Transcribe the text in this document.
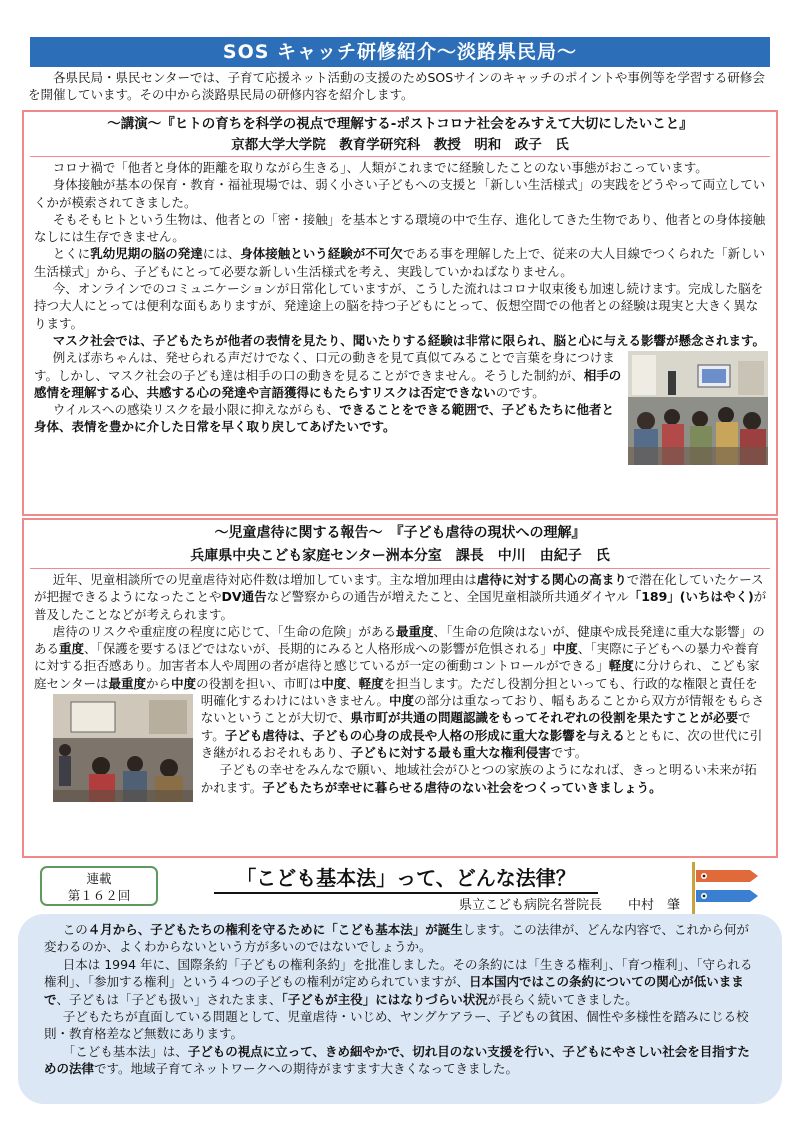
SOS キャッチ研修紹介～淡路県民局～
各県民局・県民センターでは、子育て応援ネット活動の支援のためSOSサインのキャッチのポイントや事例等を学習する研修会を開催しています。その中から淡路県民局の研修内容を紹介します。
～講演～『ヒトの育ちを科学の視点で理解する‐ポストコロナ社会をみすえて大切にしたいこと』
京都大学大学院　教育学研究科　教授　明和　政子　氏

コロナ禍で「他者と身体的距離を取りながら生きる」、人類がこれまでに経験したことのない事態がおこっています。

身体接触が基本の保育・教育・福祉現場では、弱く小さい子どもへの支援と「新しい生活様式」の実践をどうやって両立していくかが模索されてきました。

そもそもヒトという生物は、他者との「密・接触」を基本とする環境の中で生存、進化してきた生物であり、他者との身体接触なしには生存できません。

とくに乳幼児期の脳の発達には、身体接触という経験が不可欠である事を理解した上で、従来の大人目線でつくられた「新しい生活様式」から、子どもにとって必要な新しい生活様式を考え、実践していかねばなりません。

今、オンラインでのコミュニケーションが日常化していますが、こうした流れはコロナ収束後も加速し続けます。完成した脳を持つ大人にとっては便利な面もありますが、発達途上の脳を持つ子どもにとって、仮想空間での他者との経験は現実と大きく異なります。

マスク社会では、子どもたちが他者の表情を見たり、聞いたりする経験は非常に限られ、脳と心に与える影響が懸念されます。

例えば赤ちゃんは、発せられる声だけでなく、口元の動きを見て真似てみることで言葉を身につけます。しかし、マスク社会の子ども達は相手の口の動きを見ることができません。そうした制約が、相手の感情を理解する心、共感する心の発達や言語獲得にもたらすリスクは否定できないのです。

ウイルスへの感染リスクを最小限に抑えながらも、できることをできる範囲で、子どもたちに他者と身体、表情を豊かに介した日常を早く取り戻してあげたいです。

～児童虐待に関する報告～　『子ども虐待の現状への理解』
兵庫県中央こども家庭センター洲本分室　課長　中川　由紀子　氏

近年、児童相談所での児童虐待対応件数は増加しています。主な増加理由は虐待に対する関心の高まりで潜在化していたケースが把握できるようになったことやDV通告など警察からの通告が増えたこと、全国児童相談所共通ダイヤル「189」(いちはやく)が普及したことなどが考えられます。

虐待のリスクや重症度の程度に応じて、「生命の危険」がある最重度、「生命の危険はないが、健康や成長発達に重大な影響」のある重度、「保護を要するほどではないが、長期的にみると人格形成への影響が危惧される」中度、「実際に子どもへの暴力や養育に対する拒否感あり。加害者本人や周囲の者が虐待と感じているが一定の衝動コントロールができる」軽度に分けられ、こども家庭センターは最重度から中度の役割を担い、市町は中度、軽度を担当します。ただし役割分担といっても、行政的な権限と責任を明確化するわけにはいきません。中度
の部分は重なっており、幅もあることから双方が情報をもらさないということが大切で、県市町が共通の問題認識をもってそれぞれの役割を果たすことが必要です。子ども虐待は、子どもの心身の成長や人格の形成に重大な影響を与えるとともに、次の世代に引き継がれるおそれもあり、子どもに対する最も重大な権利侵害です。

子どもの幸せをみんなで願い、地域社会がひとつの家族のようになれば、きっと明るい未来が拓かれます。子どもたちが幸せに暮らせる虐待のない社会をつくっていきましょう。

連載
第１６２回
「こども基本法」って、どんな法律？
県立こども病院名誉院長　　中村　肇

この４月から、子どもたちの権利を守るために「こども基本法」が誕生します。この法律が、どんな内容で、これから何が変わるのか、よくわからないという方が多いのではないでしょうか。

日本は 1994 年に、国際条約「子どもの権利条約」を批准しました。その条約には「生きる権利」、「育つ権利」、「守られる権利」、「参加する権利」という４つの子どもの権利が定められていますが、日本国内ではこの条約についての関心が低いままで、子どもは「子ども扱い」されたまま、「子どもが主役」にはなりづらい状況が長らく続いてきました。

子どもたちが直面している問題として、児童虐待・いじめ、ヤングケアラー、子どもの貧困、個性や多様性を踏みにじる校則・教育格差など無数にあります。

「こども基本法」は、子どもの視点に立って、きめ細やかで、切れ目のない支援を行い、子どもにやさしい社会を目指すための法律です。地域子育てネットワークへの期待がますます大きくなってきました。
